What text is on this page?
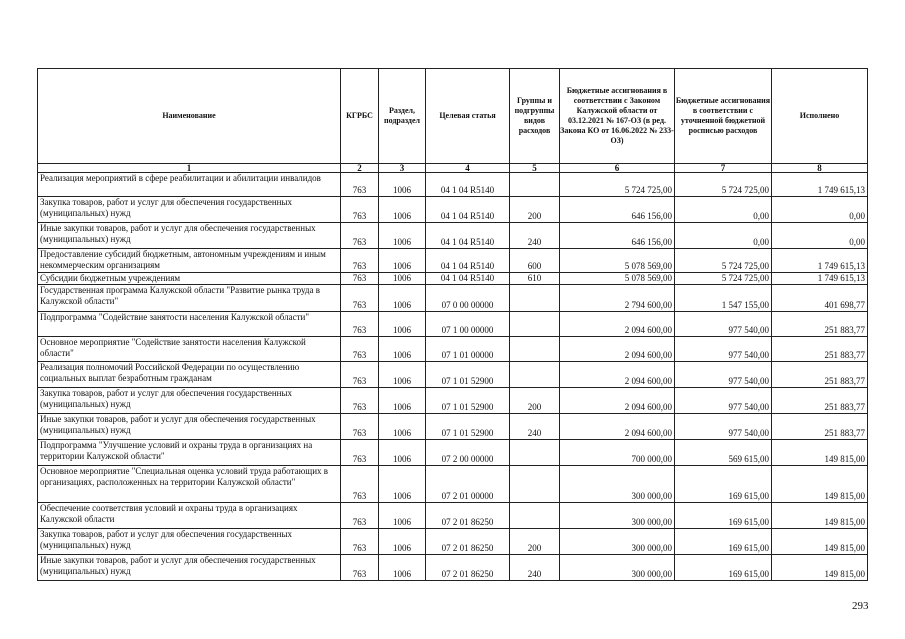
Наименование	КГРБС	Раздел, подраздел	Целевая статья	Группы и подгруппы видов расходов	Бюджетные ассигнования в соответствии с Законом Калужской области от 03.12.2021 № 167-ОЗ (в ред. Закона КО от 16.06.2022 № 233-ОЗ)	Бюджетные ассигнования в соответствии с уточненной бюджетной росписью расходов	Исполнено
1	2	3	4	5	6	7	8
Реализация мероприятий в сфере реабилитации и абилитации инвалидов	763	1006	04 1 04 R5140		5 724 725,00	5 724 725,00	1 749 615,13
Закупка товаров, работ и услуг для обеспечения государственных (муниципальных) нужд	763	1006	04 1 04 R5140	200	646 156,00	0,00	0,00
Иные закупки товаров, работ и услуг для обеспечения государственных (муниципальных) нужд	763	1006	04 1 04 R5140	240	646 156,00	0,00	0,00
Предоставление субсидий бюджетным, автономным учреждениям и иным некоммерческим организациям	763	1006	04 1 04 R5140	600	5 078 569,00	5 724 725,00	1 749 615,13
Субсидии бюджетным учреждениям	763	1006	04 1 04 R5140	610	5 078 569,00	5 724 725,00	1 749 615,13
Государственная программа Калужской области "Развитие рынка труда в Калужской области"	763	1006	07 0 00 00000		2 794 600,00	1 547 155,00	401 698,77
Подпрограмма "Содействие занятости населения Калужской области"	763	1006	07 1 00 00000		2 094 600,00	977 540,00	251 883,77
Основное мероприятие "Содействие занятости населения Калужской области"	763	1006	07 1 01 00000		2 094 600,00	977 540,00	251 883,77
Реализация полномочий Российской Федерации по осуществлению социальных выплат безработным гражданам	763	1006	07 1 01 52900		2 094 600,00	977 540,00	251 883,77
Закупка товаров, работ и услуг для обеспечения государственных (муниципальных) нужд	763	1006	07 1 01 52900	200	2 094 600,00	977 540,00	251 883,77
Иные закупки товаров, работ и услуг для обеспечения государственных (муниципальных) нужд	763	1006	07 1 01 52900	240	2 094 600,00	977 540,00	251 883,77
Подпрограмма "Улучшение условий и охраны труда в организациях на территории Калужской области"	763	1006	07 2 00 00000		700 000,00	569 615,00	149 815,00
Основное мероприятие "Специальная оценка условий труда работающих в организациях, расположенных на территории Калужской области"	763	1006	07 2 01 00000		300 000,00	169 615,00	149 815,00
Обеспечение соответствия условий и охраны труда в организациях Калужской области	763	1006	07 2 01 86250		300 000,00	169 615,00	149 815,00
Закупка товаров, работ и услуг для обеспечения государственных (муниципальных) нужд	763	1006	07 2 01 86250	200	300 000,00	169 615,00	149 815,00
Иные закупки товаров, работ и услуг для обеспечения государственных (муниципальных) нужд	763	1006	07 2 01 86250	240	300 000,00	169 615,00	149 815,00
293
